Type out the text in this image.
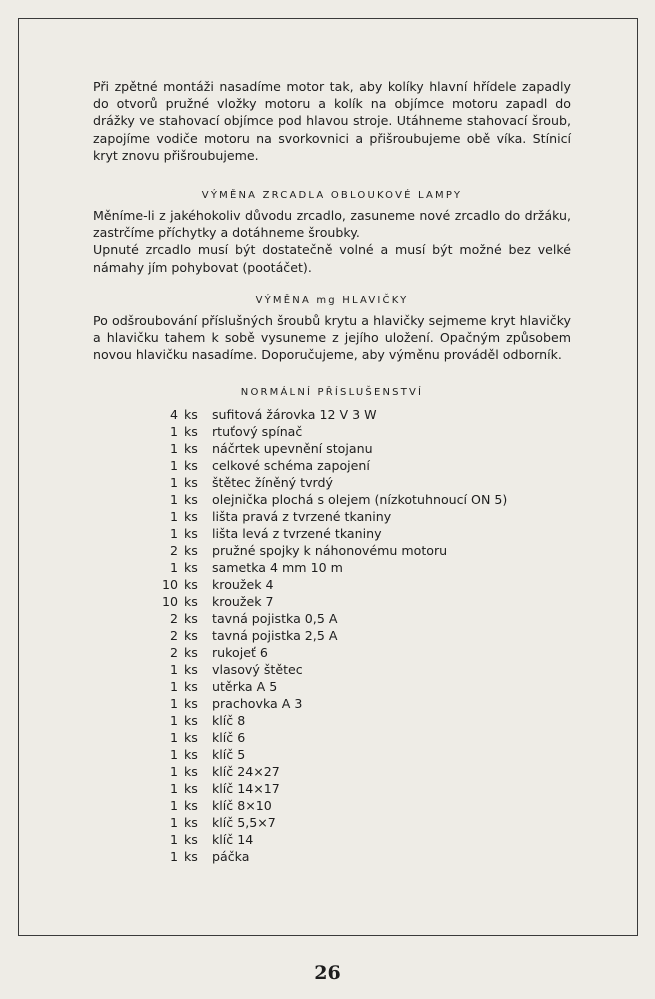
Při zpětné montáži nasadíme motor tak, aby kolíky hlavní hřídele zapadly do otvorů pružné vložky motoru a kolík na objímce motoru zapadl do drážky ve stahovací objímce pod hlavou stroje. Utáhneme stahovací šroub, zapojíme vodiče motoru na svorkovnici a přišroubujeme obě víka. Stínicí kryt znovu přišroubujeme.

VÝMĚNA ZRCADLA OBLOUKOVÉ LAMPY

Měníme-li z jakéhokoliv důvodu zrcadlo, zasuneme nové zrcadlo do držáku, zastrčíme příchytky a dotáhneme šroubky.

Upnuté zrcadlo musí být dostatečně volné a musí být možné bez velké námahy jím pohybovat (pootáčet).

VÝMĚNA mg HLAVIČKY

Po odšroubování příslušných šroubů krytu a hlavičky sejmeme kryt hlavičky a hlavičku tahem k sobě vysuneme z jejího uložení. Opačným způsobem novou hlavičku nasadíme. Doporučujeme, aby výměnu prováděl odborník.

NORMÁLNÍ PŘÍSLUŠENSTVÍ
4 ks	sufitová žárovka 12 V 3 W
1 ks	rtuťový spínač
1 ks	náčrtek upevnění stojanu
1 ks	celkové schéma zapojení
1 ks	štětec žíněný tvrdý
1 ks	olejnička plochá s olejem (nízkotuhnoucí ON 5)
1 ks	lišta pravá z tvrzené tkaniny
1 ks	lišta levá z tvrzené tkaniny
2 ks	pružné spojky k náhonovému motoru
1 ks	sametka 4 mm 10 m
10 ks	kroužek 4
10 ks	kroužek 7
2 ks	tavná pojistka 0,5 A
2 ks	tavná pojistka 2,5 A
2 ks	rukojeť 6
1 ks	vlasový štětec
1 ks	utěrka A 5
1 ks	prachovka A 3
1 ks	klíč 8
1 ks	klíč 6
1 ks	klíč 5
1 ks	klíč 24×27
1 ks	klíč 14×17
1 ks	klíč 8×10
1 ks	klíč 5,5×7
1 ks	klíč 14
1 ks	páčka
26
